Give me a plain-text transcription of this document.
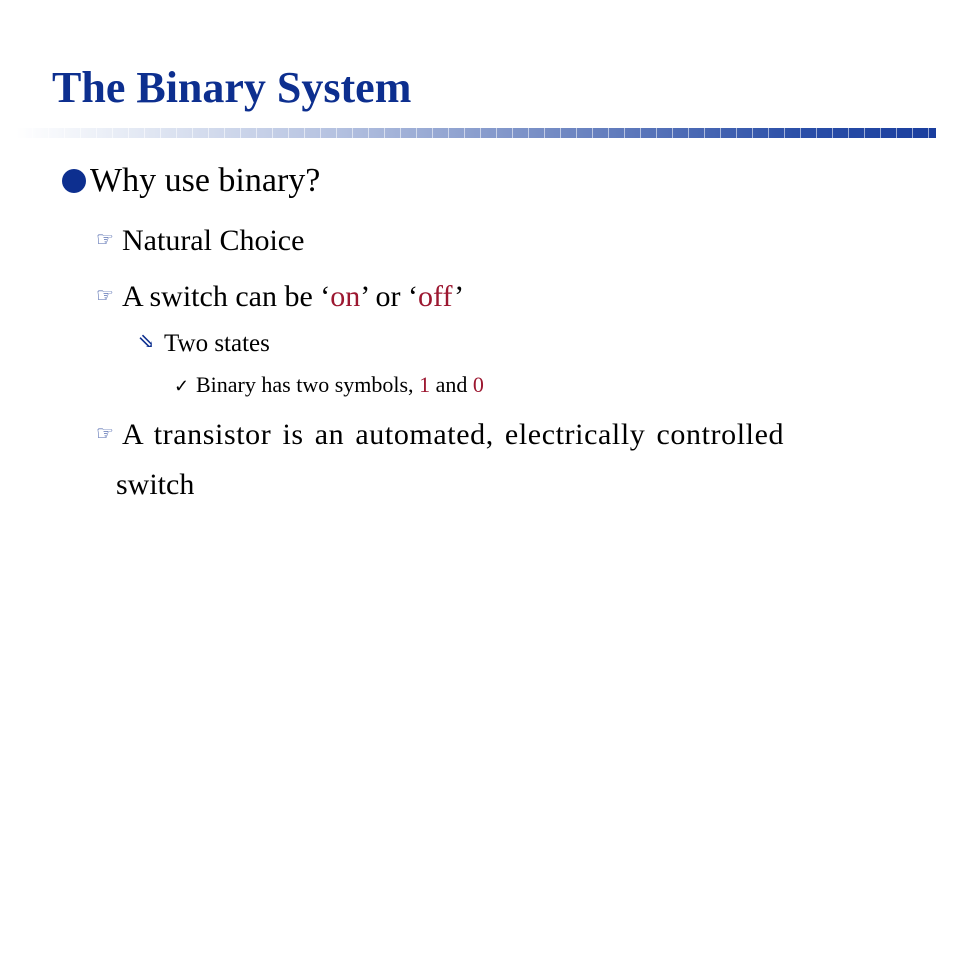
The Binary System
Why use binary?
☞ Natural Choice
☞ A switch can be ‘on’ or ‘off’
⇘ Two states
✓ Binary has two symbols, 1 and 0
☞ A transistor is an automated, electrically controlled
switch
